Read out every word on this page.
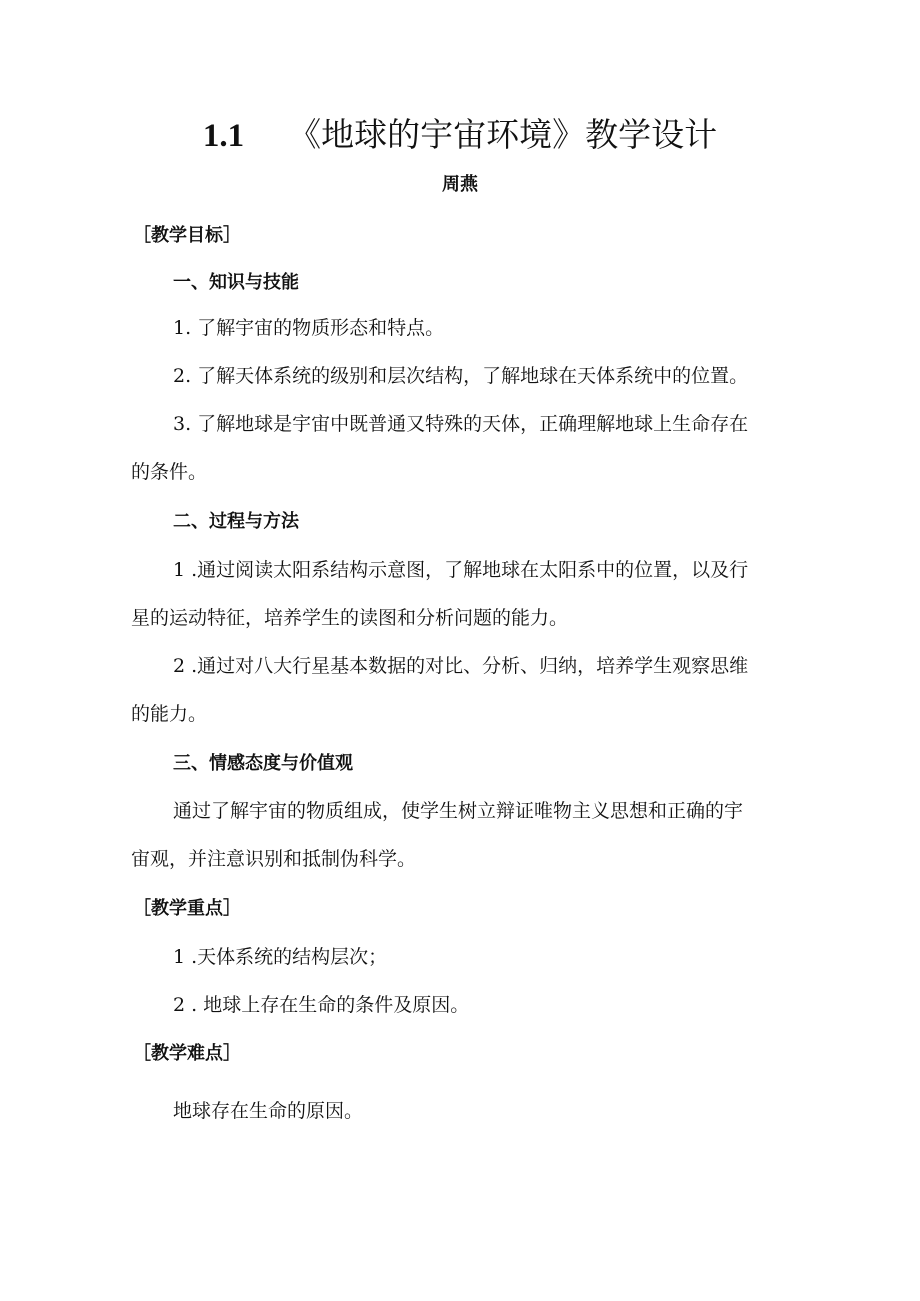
1.1 《地球的宇宙环境》教学设计
周燕
［教学目标］
一、知识与技能
1. 了解宇宙的物质形态和特点。
2. 了解天体系统的级别和层次结构，了解地球在天体系统中的位置。
3. 了解地球是宇宙中既普通又特殊的天体，正确理解地球上生命存在
的条件。
二、过程与方法
1 .通过阅读太阳系结构示意图，了解地球在太阳系中的位置，以及行
星的运动特征，培养学生的读图和分析问题的能力。
2 .通过对八大行星基本数据的对比、分析、归纳，培养学生观察思维
的能力。
三、情感态度与价值观
通过了解宇宙的物质组成，使学生树立辩证唯物主义思想和正确的宇
宙观，并注意识别和抵制伪科学。
［教学重点］
1 .天体系统的结构层次；
2 . 地球上存在生命的条件及原因。
［教学难点］
地球存在生命的原因。
